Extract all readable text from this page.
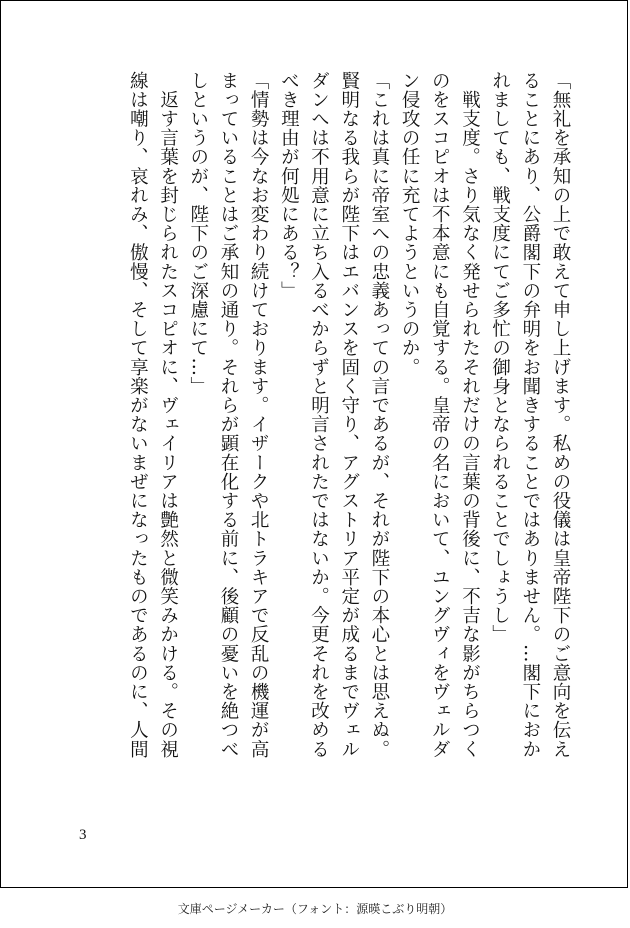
「無礼を承知の上で敢えて申し上げます。私めの役儀は皇帝陛下のご意向を伝え
ることにあり、公爵閣下の弁明をお聞きすることではありません。…閣下におか
れましても、戦支度にてご多忙の御身となられることでしょうし」
　戦支度。さり気なく発せられたそれだけの言葉の背後に、不吉な影がちらつく
のをスコピオは不本意にも自覚する。皇帝の名において、ユングヴィをヴェルダ
ン侵攻の任に充てようというのか。
「これは真に帝室への忠義あっての言であるが、それが陛下の本心とは思えぬ。
賢明なる我らが陛下はエバンスを固く守り、アグストリア平定が成るまでヴェル
ダンへは不用意に立ち入るべからずと明言されたではないか。今更それを改める
べき理由が何処にある？」
「情勢は今なお変わり続けております。イザークや北トラキアで反乱の機運が高
まっていることはご承知の通り。それらが顕在化する前に、後顧の憂いを絶つべ
しというのが、陛下のご深慮にて…」
　返す言葉を封じられたスコピオに、ヴェイリアは艶然と微笑みかける。その視
線は嘲り、哀れみ、傲慢、そして享楽がないまぜになったものであるのに、人間
3
文庫ページメーカー（フォント：源暎こぶり明朝）
